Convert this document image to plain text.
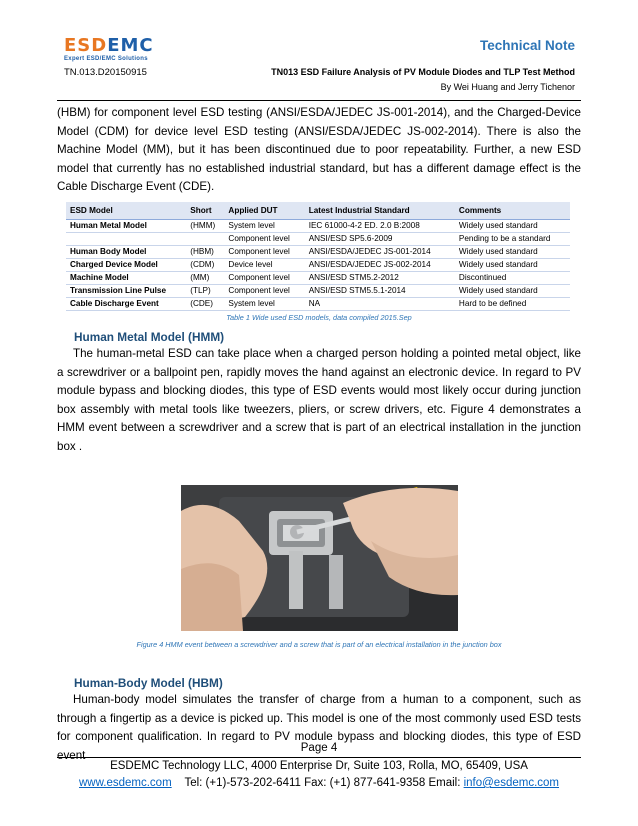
ESDEMC
Expert ESD/EMC Solutions
Technical Note
TN.013.D20150915	TN013 ESD Failure Analysis of PV Module Diodes and TLP Test Method
By Wei Huang and Jerry Tichenor

(HBM) for component level ESD testing (ANSI/ESDA/JEDEC JS-001-2014), and the Charged-Device Model (CDM) for device level ESD testing (ANSI/ESDA/JEDEC JS-002-2014). There is also the Machine Model (MM), but it has been discontinued due to poor repeatability. Further, a new ESD model that currently has no established industrial standard, but has a different damage effect is the Cable Discharge Event (CDE).

ESD Model	Short	Applied DUT	Latest Industrial Standard	Comments
Human Metal Model	(HMM)	System level	IEC 61000-4-2 ED. 2.0 B:2008	Widely used standard
		Component level	ANSI/ESD SP5.6-2009	Pending to be a standard
Human Body Model	(HBM)	Component level	ANSI/ESDA/JEDEC JS-001-2014	Widely used standard
Charged Device Model	(CDM)	Device level	ANSI/ESDA/JEDEC JS-002-2014	Widely used standard
Machine Model	(MM)	Component level	ANSI/ESD STM5.2-2012	Discontinued
Transmission Line Pulse	(TLP)	Component level	ANSI/ESD STM5.5.1-2014	Widely used standard
Cable Discharge Event	(CDE)	System level	NA	Hard to be defined
Table 1 Wide used ESD models, data compiled 2015.Sep
Human Metal Model (HMM)

The human-metal ESD can take place when a charged person holding a pointed metal object, like a screwdriver or a ballpoint pen, rapidly moves the hand against an electronic device. In regard to PV module bypass and blocking diodes, this type of ESD events would most likely occur during junction box assembly with metal tools like tweezers, pliers, or screw drivers, etc. Figure 4 demonstrates a HMM event between a screwdriver and a screw that is part of an electrical installation in the junction box .

Figure 4 HMM event between a screwdriver and a screw that is part of an electrical installation in the junction box
Human-Body Model (HBM)

Human-body model simulates the transfer of charge from a human to a component, such as through a fingertip as a device is picked up. This model is one of the most commonly used ESD tests for component qualification. In regard to PV module bypass and blocking diodes, this type of ESD event

Page 4
ESDEMC Technology LLC, 4000 Enterprise Dr, Suite 103, Rolla, MO, 65409, USA
www.esdemc.com Tel: (+1)-573-202-6411 Fax: (+1) 877-641-9358 Email: info@esdemc.com
